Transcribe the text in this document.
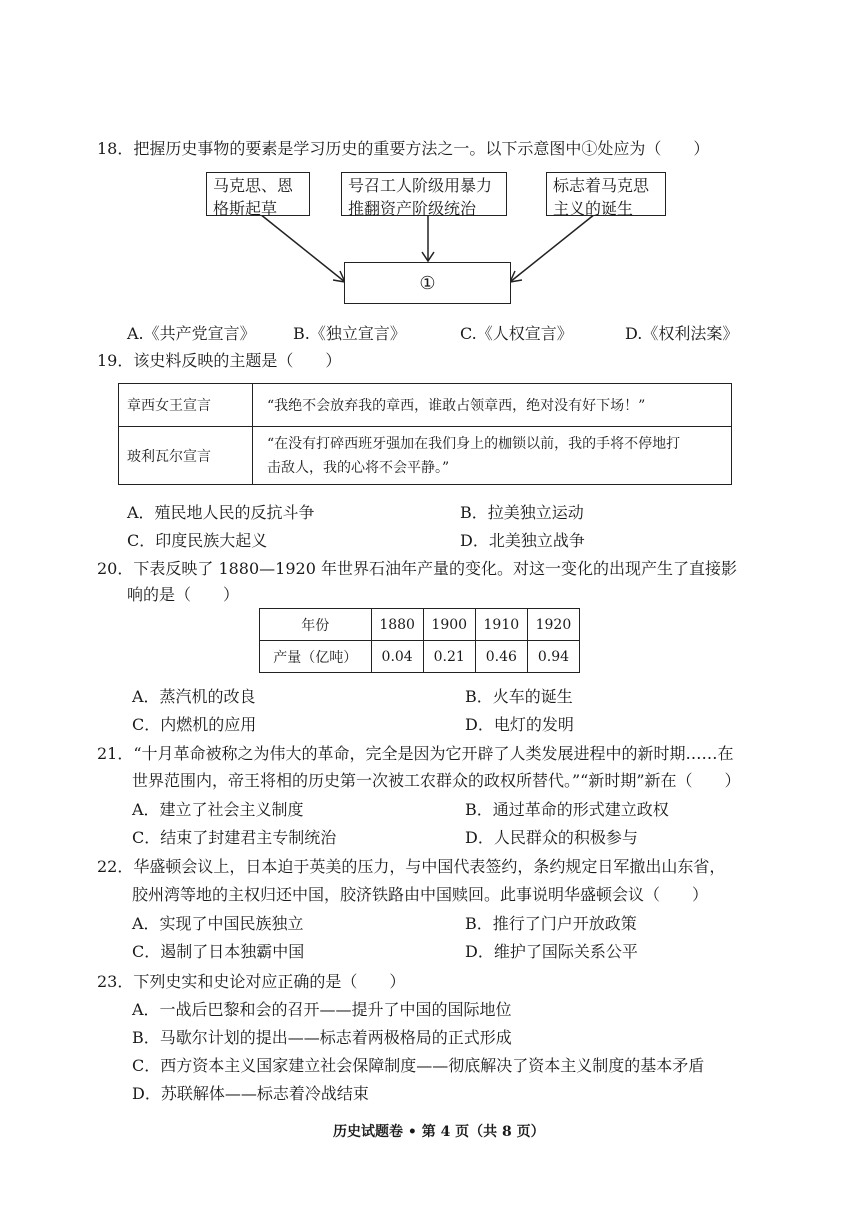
18．把握历史事物的要素是学习历史的重要方法之一。以下示意图中①处应为（　　）
马克思、恩
格斯起草
号召工人阶级用暴力
推翻资产阶级统治
标志着马克思
主义的诞生
①
A.《共产党宣言》 B.《独立宣言》	C.《人权宣言》	D.《权利法案》
19．该史料反映的主题是（　　）
章西女王宣言	“我绝不会放弃我的章西，谁敢占领章西，绝对没有好下场！”
玻利瓦尔宣言	“在没有打碎西班牙强加在我们身上的枷锁以前，我的手将不停地打
击敌人，我的心将不会平静。”
A．殖民地人民的反抗斗争	B．拉美独立运动
C．印度民族大起义	D．北美独立战争
20．下表反映了 1880—1920 年世界石油年产量的变化。对这一变化的出现产生了直接影
响的是（　　）
年份	1880	1900	1910	1920
产量（亿吨）	0.04	0.21	0.46	0.94
A．蒸汽机的改良	B．火车的诞生
C．内燃机的应用	D．电灯的发明
21．“十月革命被称之为伟大的革命，完全是因为它开辟了人类发展进程中的新时期……在
世界范围内，帝王将相的历史第一次被工农群众的政权所替代。”“新时期”新在（　　）
A．建立了社会主义制度	B．通过革命的形式建立政权
C．结束了封建君主专制统治	D．人民群众的积极参与
22．华盛顿会议上，日本迫于英美的压力，与中国代表签约，条约规定日军撤出山东省，
胶州湾等地的主权归还中国，胶济铁路由中国赎回。此事说明华盛顿会议（　　）
A．实现了中国民族独立	B．推行了门户开放政策
C．遏制了日本独霸中国	D．维护了国际关系公平
23．下列史实和史论对应正确的是（　　）
A．一战后巴黎和会的召开——提升了中国的国际地位
B．马歇尔计划的提出——标志着两极格局的正式形成
C．西方资本主义国家建立社会保障制度——彻底解决了资本主义制度的基本矛盾
D．苏联解体——标志着冷战结束
历史试题卷 • 第 4 页（共 8 页）
